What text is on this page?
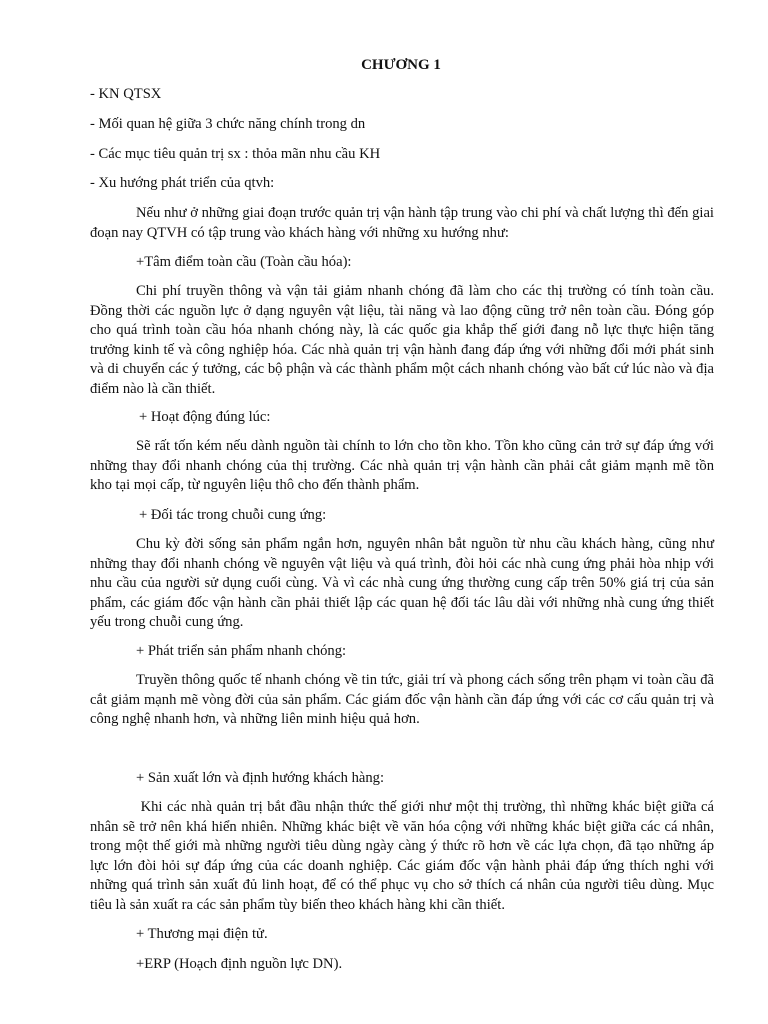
CHƯƠNG 1
- KN QTSX
- Mối quan hệ giữa 3 chức năng chính trong dn
- Các mục tiêu quản trị sx : thỏa mãn nhu cầu KH
- Xu hướng phát triển của qtvh:
Nếu như ở những giai đoạn trước quản trị vận hành tập trung vào chi phí và chất lượng thì đến giai đoạn nay QTVH có tập trung vào khách hàng với những xu hướng như:
+Tâm điểm toàn cầu (Toàn cầu hóa):
Chi phí truyền thông và vận tải giảm nhanh chóng đã làm cho các thị trường có tính toàn cầu. Đồng thời các nguồn lực ở dạng nguyên vật liệu, tài năng và lao động cũng trở nên toàn cầu. Đóng góp cho quá trình toàn cầu hóa nhanh chóng này, là các quốc gia khắp thế giới đang nỗ lực thực hiện tăng trưởng kinh tế và công nghiệp hóa. Các nhà quản trị vận hành đang đáp ứng với những đổi mới phát sinh và di chuyển các ý tưởng, các bộ phận và các thành phẩm một cách nhanh chóng vào bất cứ lúc nào và địa điểm nào là cần thiết.
+ Hoạt động đúng lúc:
Sẽ rất tốn kém nếu dành nguồn tài chính to lớn cho tồn kho. Tồn kho cũng cản trở sự đáp ứng với những thay đổi nhanh chóng của thị trường. Các nhà quản trị vận hành cần phải cắt giảm mạnh mẽ tồn kho tại mọi cấp, từ nguyên liệu thô cho đến thành phẩm.
+ Đối tác trong chuỗi cung ứng:
Chu kỳ đời sống sản phẩm ngắn hơn, nguyên nhân bắt nguồn từ nhu cầu khách hàng, cũng như những thay đổi nhanh chóng về nguyên vật liệu và quá trình, đòi hỏi các nhà cung ứng phải hòa nhịp với nhu cầu của người sử dụng cuối cùng. Và vì các nhà cung ứng thường cung cấp trên 50% giá trị của sản phẩm, các giám đốc vận hành cần phải thiết lập các quan hệ đối tác lâu dài với những nhà cung ứng thiết yếu trong chuỗi cung ứng.
+ Phát triển sản phẩm nhanh chóng:
Truyền thông quốc tế nhanh chóng về tin tức, giải trí và phong cách sống trên phạm vi toàn cầu đã cắt giảm mạnh mẽ vòng đời của sản phẩm. Các giám đốc vận hành cần đáp ứng với các cơ cấu quản trị và công nghệ nhanh hơn, và những liên minh hiệu quả hơn.
+ Sản xuất lớn và định hướng khách hàng:
Khi các nhà quản trị bắt đầu nhận thức thế giới như một thị trường, thì những khác biệt giữa cá nhân sẽ trở nên khá hiển nhiên. Những khác biệt về văn hóa cộng với những khác biệt giữa các cá nhân, trong một thế giới mà những người tiêu dùng ngày càng ý thức rõ hơn về các lựa chọn, đã tạo những áp lực lớn đòi hỏi sự đáp ứng của các doanh nghiệp. Các giám đốc vận hành phải đáp ứng thích nghi với những quá trình sản xuất đủ linh hoạt, để có thể phục vụ cho sở thích cá nhân của người tiêu dùng. Mục tiêu là sản xuất ra các sản phẩm tùy biến theo khách hàng khi cần thiết.
+ Thương mại điện tử.
+ERP (Hoạch định nguồn lực DN).
